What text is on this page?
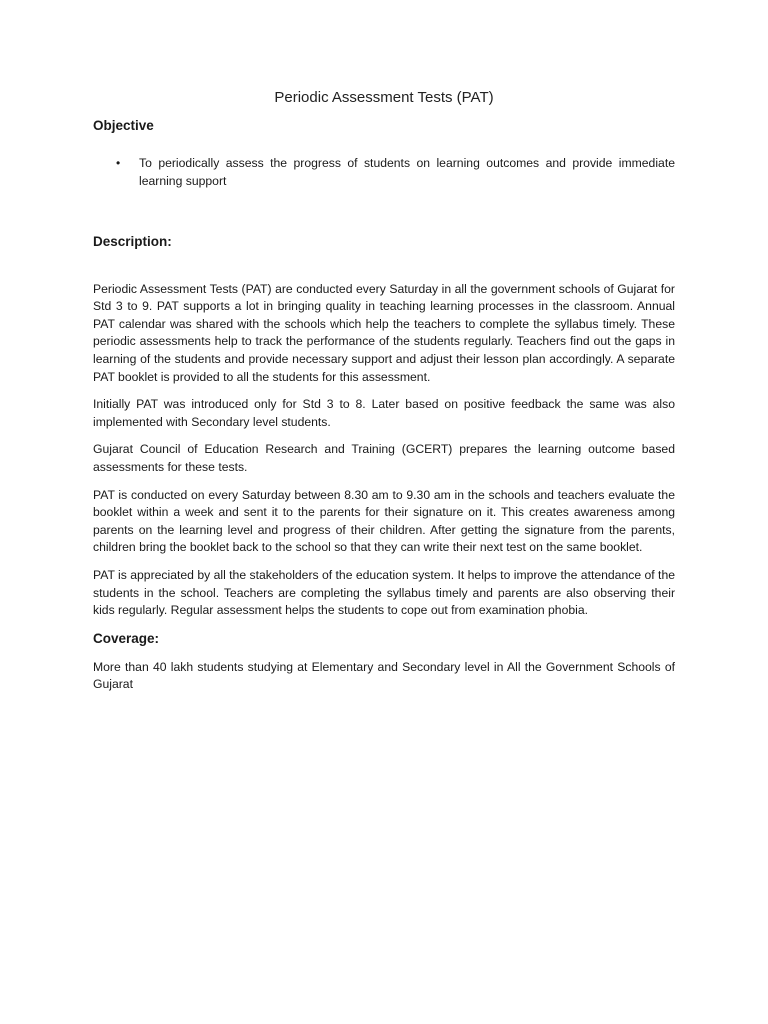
Periodic Assessment Tests (PAT)
Objective
• To periodically assess the progress of students on learning outcomes and provide immediate learning support
Description:

Periodic Assessment Tests (PAT) are conducted every Saturday in all the government schools of Gujarat for Std 3 to 9. PAT supports a lot in bringing quality in teaching learning processes in the classroom. Annual PAT calendar was shared with the schools which help the teachers to complete the syllabus timely. These periodic assessments help to track the performance of the students regularly. Teachers find out the gaps in learning of the students and provide necessary support and adjust their lesson plan accordingly. A separate PAT booklet is provided to all the students for this assessment.

Initially PAT was introduced only for Std 3 to 8. Later based on positive feedback the same was also implemented with Secondary level students.

Gujarat Council of Education Research and Training (GCERT) prepares the learning outcome based assessments for these tests.

PAT is conducted on every Saturday between 8.30 am to 9.30 am in the schools and teachers evaluate the booklet within a week and sent it to the parents for their signature on it. This creates awareness among parents on the learning level and progress of their children. After getting the signature from the parents, children bring the booklet back to the school so that they can write their next test on the same booklet.

PAT is appreciated by all the stakeholders of the education system. It helps to improve the attendance of the students in the school. Teachers are completing the syllabus timely and parents are also observing their kids regularly. Regular assessment helps the students to cope out from examination phobia.

Coverage:

More than 40 lakh students studying at Elementary and Secondary level in All the Government Schools of Gujarat
